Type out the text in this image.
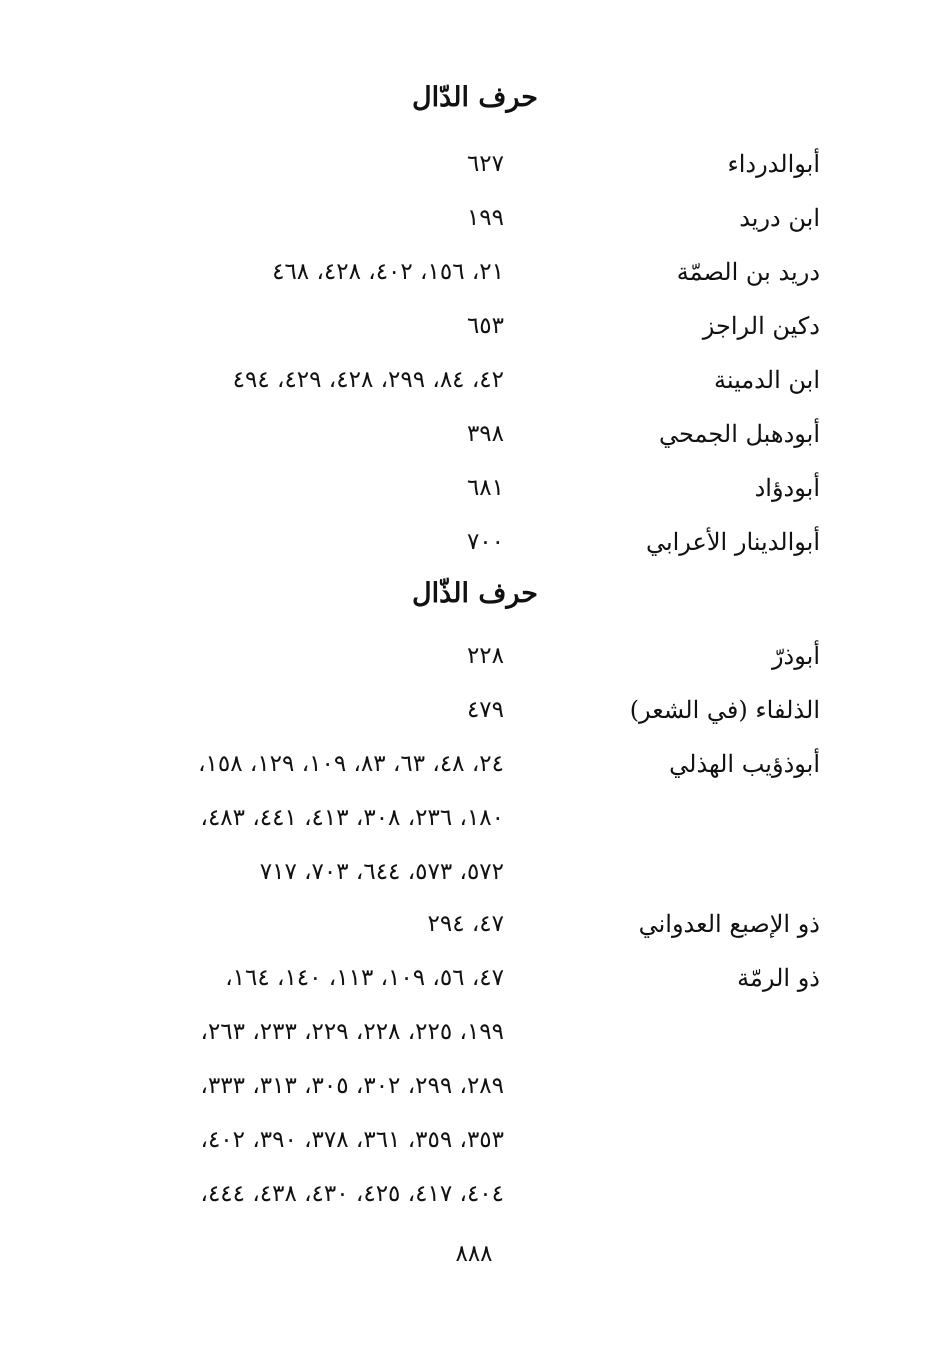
حرف الدّال
أبوالدرداء
٦٢٧
ابن دريد
١٩٩
دريد بن الصمّة
٢١، ١٥٦، ٤٠٢، ٤٢٨، ٤٦٨
دكين الراجز
٦٥٣
ابن الدمينة
٤٢، ٨٤، ٢٩٩، ٤٢٨، ٤٢٩، ٤٩٤
أبودهبل الجمحي
٣٩٨
أبودؤاد
٦٨١
أبوالدينار الأعرابي
٧٠٠
حرف الذّال
أبوذرّ
٢٢٨
الذلفاء (في الشعر)
٤٧٩
أبوذؤيب الهذلي
٢٤، ٤٨، ٦٣، ٨٣، ١٠٩، ١٢٩، ١٥٨،
١٨٠، ٢٣٦، ٣٠٨، ٤١٣، ٤٤١، ٤٨٣،
٥٧٢، ٥٧٣، ٦٤٤، ٧٠٣، ٧١٧
ذو الإصبع العدواني
٤٧، ٢٩٤
ذو الرمّة
٤٧، ٥٦، ١٠٩، ١١٣، ١٤٠، ١٦٤،
١٩٩، ٢٢٥، ٢٢٨، ٢٢٩، ٢٣٣، ٢٦٣،
٢٨٩، ٢٩٩، ٣٠٢، ٣٠٥، ٣١٣، ٣٣٣،
٣٥٣، ٣٥٩، ٣٦١، ٣٧٨، ٣٩٠، ٤٠٢،
٤٠٤، ٤١٧، ٤٢٥، ٤٣٠، ٤٣٨، ٤٤٤،
٨٨٨
